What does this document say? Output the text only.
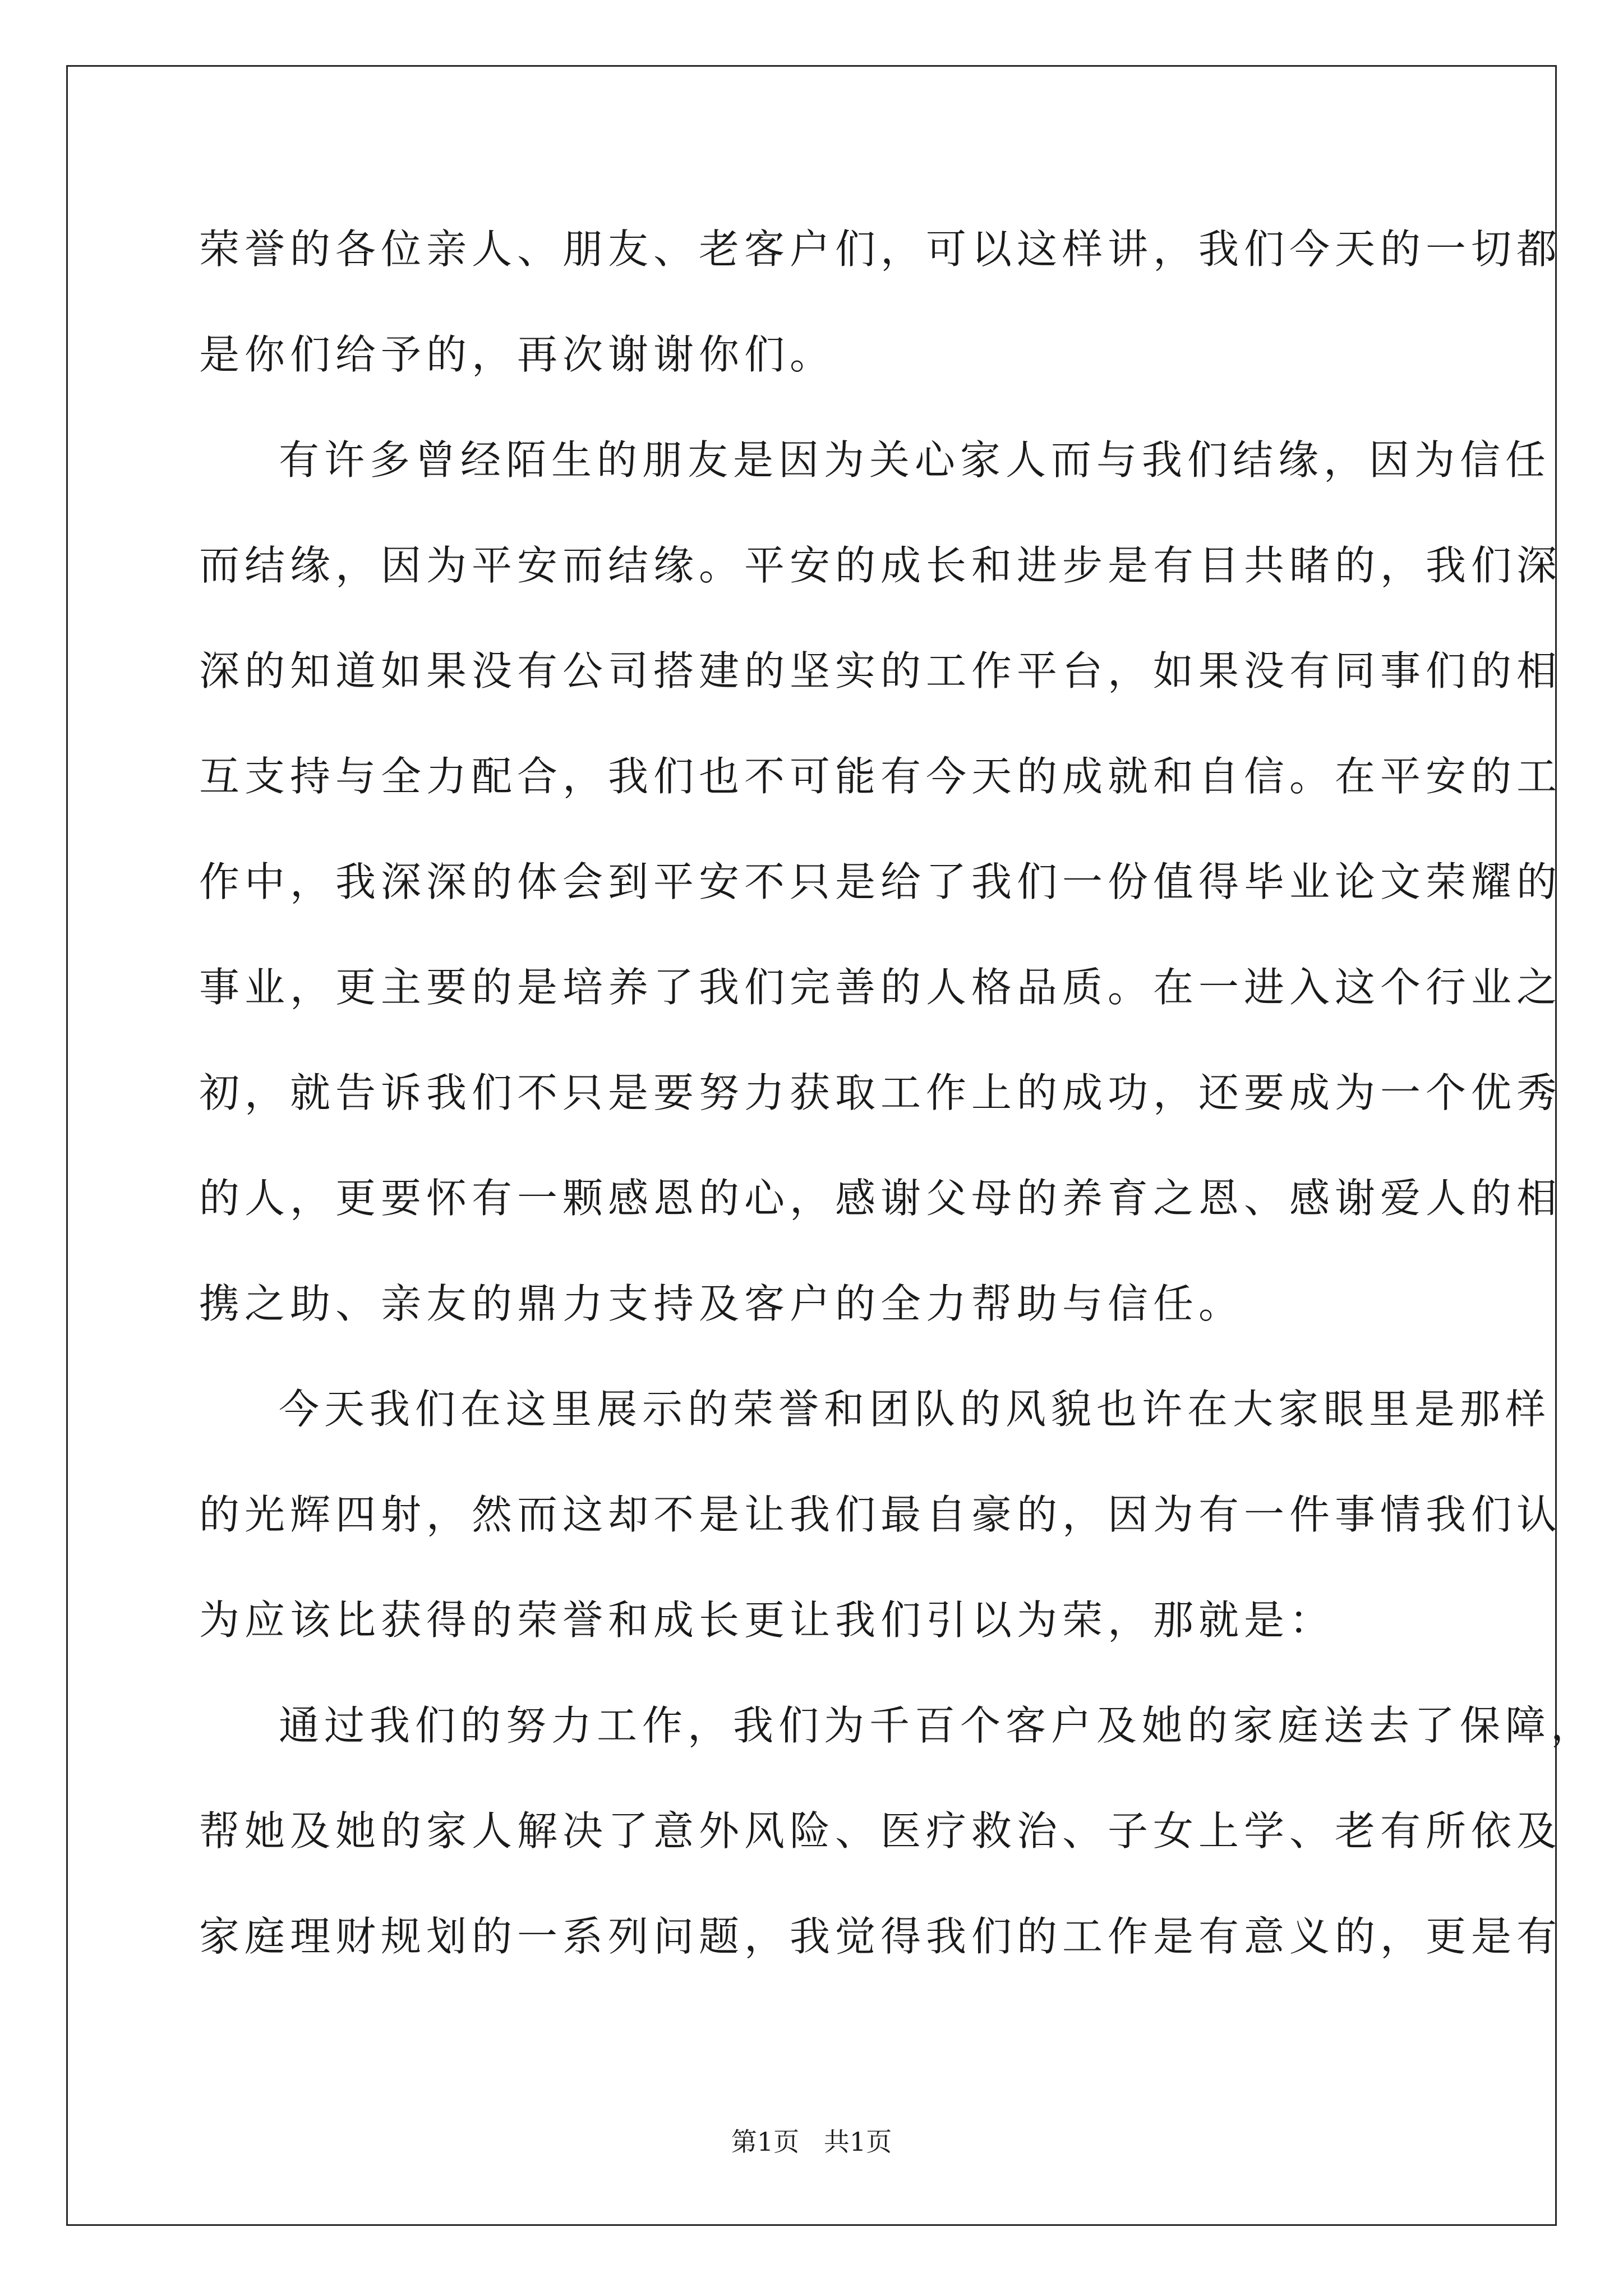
荣誉的各位亲人、朋友、老客户们，可以这样讲，我们今天的一切都
是你们给予的，再次谢谢你们。
有许多曾经陌生的朋友是因为关心家人而与我们结缘，因为信任
而结缘，因为平安而结缘。平安的成长和进步是有目共睹的，我们深
深的知道如果没有公司搭建的坚实的工作平台，如果没有同事们的相
互支持与全力配合，我们也不可能有今天的成就和自信。在平安的工
作中，我深深的体会到平安不只是给了我们一份值得毕业论文荣耀的
事业，更主要的是培养了我们完善的人格品质。在一进入这个行业之
初，就告诉我们不只是要努力获取工作上的成功，还要成为一个优秀
的人，更要怀有一颗感恩的心，感谢父母的养育之恩、感谢爱人的相
携之助、亲友的鼎力支持及客户的全力帮助与信任。
今天我们在这里展示的荣誉和团队的风貌也许在大家眼里是那样
的光辉四射，然而这却不是让我们最自豪的，因为有一件事情我们认
为应该比获得的荣誉和成长更让我们引以为荣，那就是：
通过我们的努力工作，我们为千百个客户及她的家庭送去了保障，
帮她及她的家人解决了意外风险、医疗救治、子女上学、老有所依及
家庭理财规划的一系列问题，我觉得我们的工作是有意义的，更是有
第1页   共1页
